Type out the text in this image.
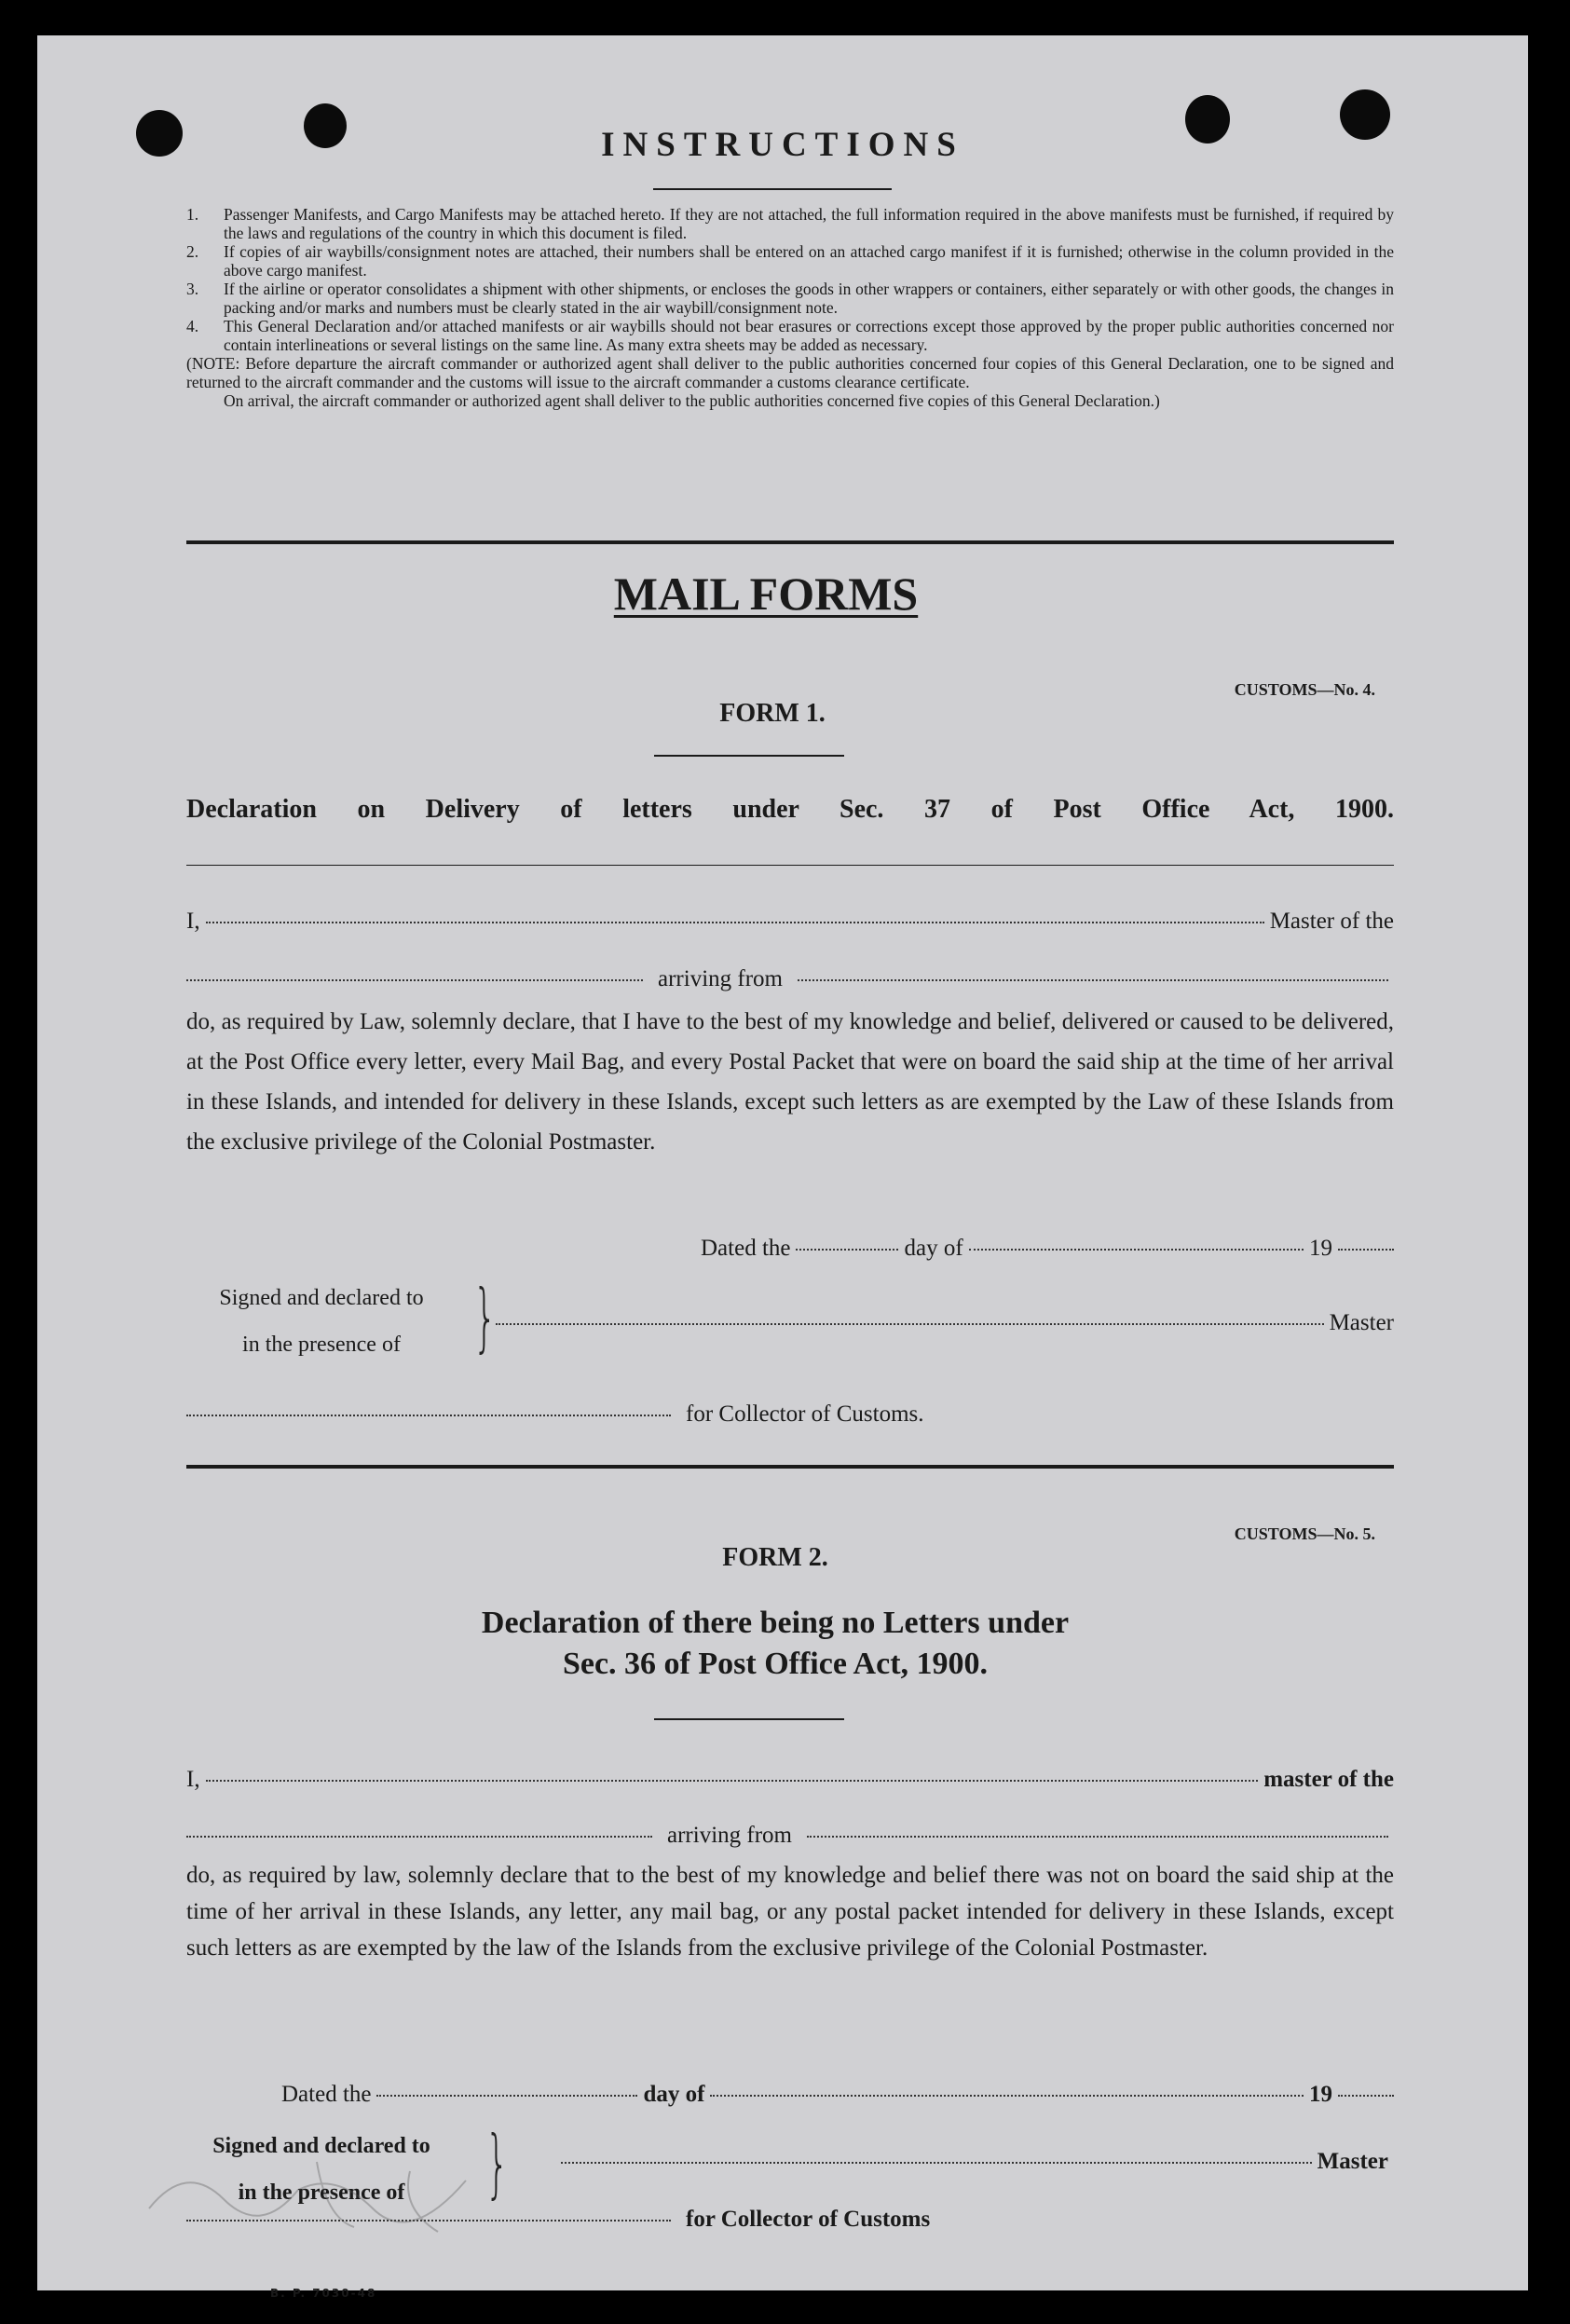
INSTRUCTIONS

1. Passenger Manifests, and Cargo Manifests may be attached hereto. If they are not attached, the full information required in the above manifests must be furnished, if required by the laws and regulations of the country in which this document is filed.

2. If copies of air waybills/consignment notes are attached, their numbers shall be entered on an attached cargo manifest if it is furnished; otherwise in the column provided in the above cargo manifest.

3. If the airline or operator consolidates a shipment with other shipments, or encloses the goods in other wrappers or containers, either separately or with other goods, the changes in packing and/or marks and numbers must be clearly stated in the air waybill/consignment note.

4. This General Declaration and/or attached manifests or air waybills should not bear erasures or corrections except those approved by the proper public authorities concerned nor contain interlineations or several listings on the same line. As many extra sheets may be added as necessary.

(NOTE: Before departure the aircraft commander or authorized agent shall deliver to the public authorities concerned four copies of this General Declaration, one to be signed and returned to the aircraft commander and the customs will issue to the aircraft commander a customs clearance certificate.

On arrival, the aircraft commander or authorized agent shall deliver to the public authorities concerned five copies of this General Declaration.)

MAIL FORMS
CUSTOMS—No. 4.
FORM 1.
Declaration on Delivery of letters under Sec. 37 of Post Office Act, 1900.
I,	Master of the
arriving from
do, as required by Law, solemnly declare, that I have to the best of my knowledge and belief, delivered or caused to be delivered, at the Post Office every letter, every Mail Bag, and every Postal Packet that were on board the said ship at the time of her arrival in these Islands, and intended for delivery in these Islands, except such letters as are exempted by the Law of these Islands from the exclusive privilege of the Colonial Postmaster.
Dated the	day of	19
Signed and declared to
in the presence of }	Master
for Collector of Customs.
CUSTOMS—No. 5.
FORM 2.
Declaration of there being no Letters under
Sec. 36 of Post Office Act, 1900.
I,	master of the
arriving from
do, as required by law, solemnly declare that to the best of my knowledge and belief there was not on board the said ship at the time of her arrival in these Islands, any letter, any mail bag, or any postal packet intended for delivery in these Islands, except such letters as are exempted by the law of the Islands from the exclusive privilege of the Colonial Postmaster.
Dated the	day of	19
Signed and declared to
in the presence of	}	Master
for Collector of Customs
B. P. 7030-48
